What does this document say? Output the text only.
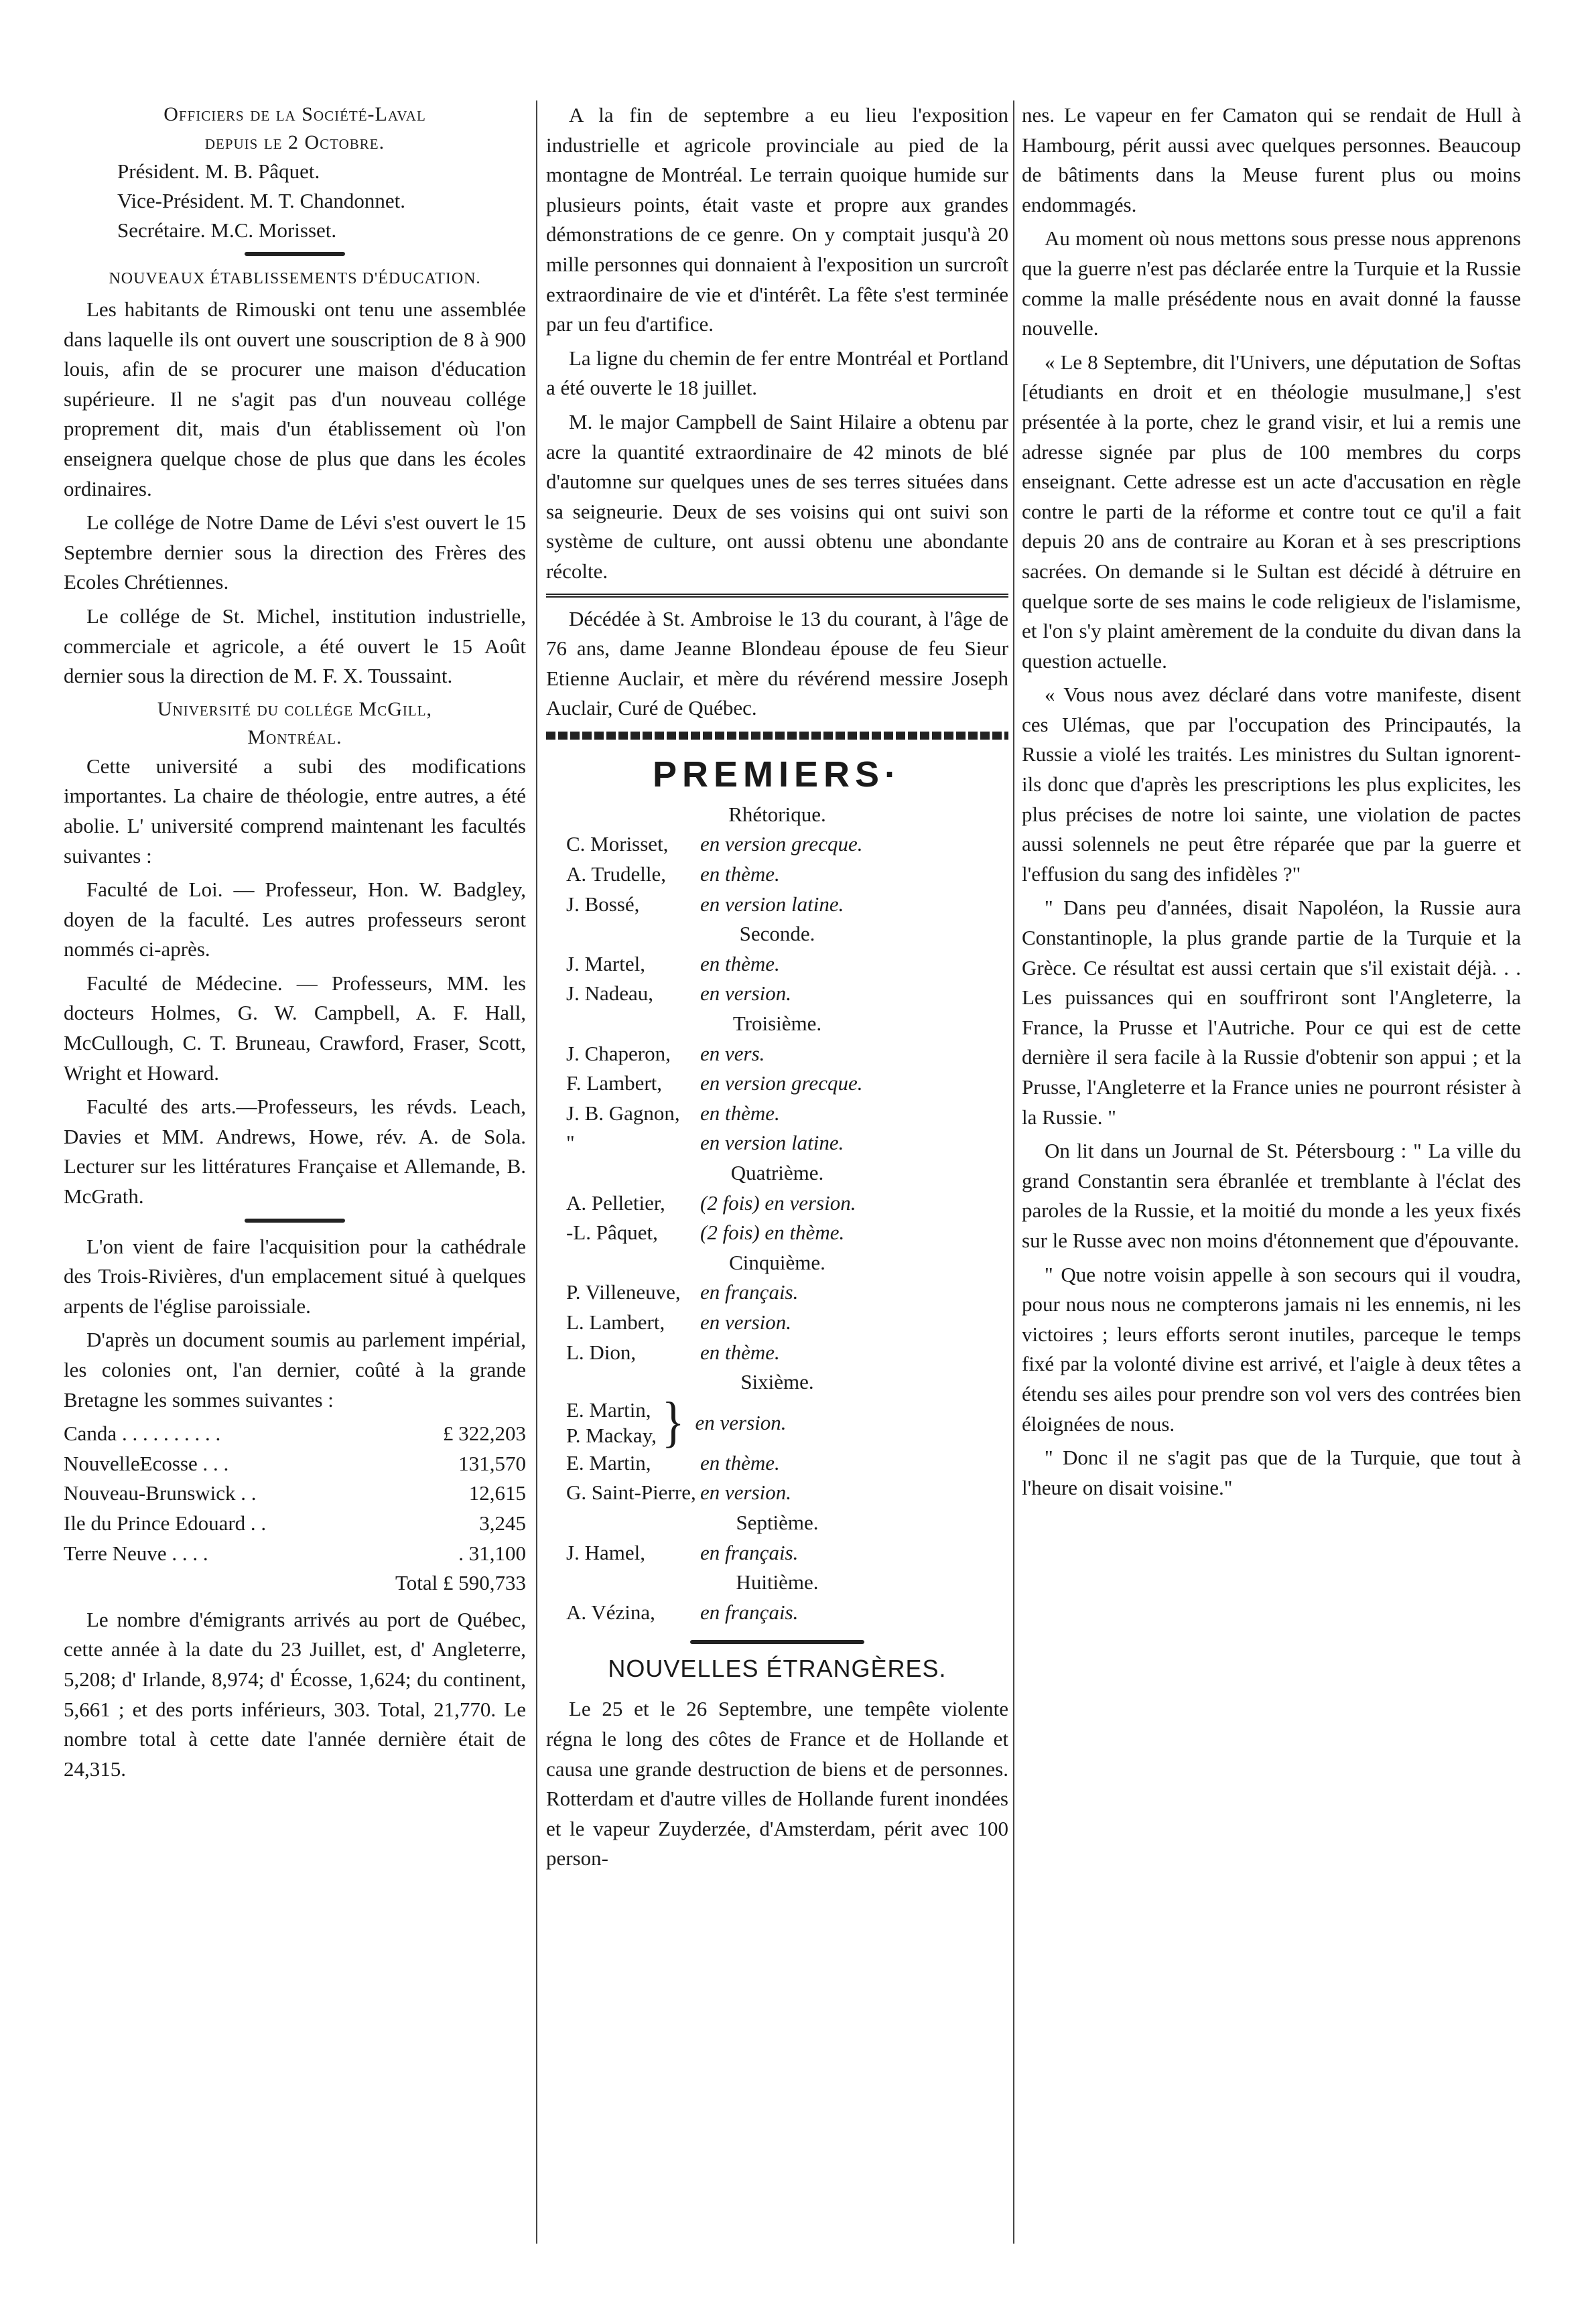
Officiers de la Société-Laval
depuis le 2 Octobre.

Président. M. B. Pâquet.

Vice-Président. M. T. Chandonnet.

Secrétaire. M.C. Morisset.

NOUVEAUX ÉTABLISSEMENTS D'ÉDUCATION.

Les habitants de Rimouski ont tenu une assemblée dans laquelle ils ont ouvert une souscription de 8 à 900 louis, afin de se procurer une maison d'éducation supérieure. Il ne s'agit pas d'un nouveau collége proprement dit, mais d'un établissement où l'on enseignera quelque chose de plus que dans les écoles ordinaires.

Le collége de Notre Dame de Lévi s'est ouvert le 15 Septembre dernier sous la direction des Frères des Ecoles Chrétiennes.

Le collége de St. Michel, institution industrielle, commerciale et agricole, a été ouvert le 15 Août dernier sous la direction de M. F. X. Toussaint.

Université du collége McGill,
Montréal.

Cette université a subi des modifications importantes. La chaire de théologie, entre autres, a été abolie. L' université comprend maintenant les facultés suivantes :

Faculté de Loi. — Professeur, Hon. W. Badgley, doyen de la faculté. Les autres professeurs seront nommés ci-après.

Faculté de Médecine. — Professeurs, MM. les docteurs Holmes, G. W. Campbell, A. F. Hall, McCullough, C. T. Bruneau, Crawford, Fraser, Scott, Wright et Howard.

Faculté des arts.—Professeurs, les révds. Leach, Davies et MM. Andrews, Howe, rév. A. de Sola. Lecturer sur les littératures Française et Allemande, B. McGrath.

L'on vient de faire l'acquisition pour la cathédrale des Trois-Rivières, d'un emplacement situé à quelques arpents de l'église paroissiale.

D'après un document soumis au parlement impérial, les colonies ont, l'an dernier, coûté à la grande Bretagne les sommes suivantes :

Canda . . . . . . . . . .	£ 322,203
NouvelleEcosse . . .	131,570
Nouveau-Brunswick . .	12,615
Ile du Prince Edouard . .	3,245
Terre Neuve . . . .	. 31,100

Total £ 590,733

Le nombre d'émigrants arrivés au port de Québec, cette année à la date du 23 Juillet, est, d' Angleterre, 5,208; d' Irlande, 8,974; d' Écosse, 1,624; du continent, 5,661 ; et des ports inférieurs, 303. Total, 21,770. Le nombre total à cette date l'année dernière était de 24,315.

A la fin de septembre a eu lieu l'exposition industrielle et agricole provinciale au pied de la montagne de Montréal. Le terrain quoique humide sur plusieurs points, était vaste et propre aux grandes démonstrations de ce genre. On y comptait jusqu'à 20 mille personnes qui donnaient à l'exposition un surcroît extraordinaire de vie et d'intérêt. La fête s'est terminée par un feu d'artifice.

La ligne du chemin de fer entre Montréal et Portland a été ouverte le 18 juillet.

M. le major Campbell de Saint Hilaire a obtenu par acre la quantité extraordinaire de 42 minots de blé d'automne sur quelques unes de ses terres situées dans sa seigneurie. Deux de ses voisins qui ont suivi son système de culture, ont aussi obtenu une abondante récolte.

Décédée à St. Ambroise le 13 du courant, à l'âge de 76 ans, dame Jeanne Blondeau épouse de feu Sieur Etienne Auclair, et mère du révérend messire Joseph Auclair, Curé de Québec.

PREMIERS·
Rhétorique.
C. Morisset, en version grecque.
A. Trudelle, en thème.
J. Bossé,	en version latine.
Seconde.
J. Martel,	en thème.
J. Nadeau, en version.
Troisième.
J. Chaperon, en vers.
F. Lambert, en version grecque.
J. B. Gagnon, en thème.
"	en version latine.
Quatrième.
A. Pelletier, (2 fois) en version.
-L. Pâquet, (2 fois) en thème.
Cinquième.
P. Villeneuve, en français.
L. Lambert, en version.
L. Dion,	en thème.
Sixième.
E. Martin,
P. Mackay, } en version.
E. Martin, en thème.
G. Saint-Pierre, en version.
Septième.
J. Hamel,	en français.
Huitième.
A. Vézina, en français.
NOUVELLES ÉTRANGÈRES.

Le 25 et le 26 Septembre, une tempête violente régna le long des côtes de France et de Hollande et causa une grande destruction de biens et de personnes. Rotterdam et d'autre villes de Hollande furent inondées et le vapeur Zuyderzée, d'Amsterdam, périt avec 100 person-

nes. Le vapeur en fer Camaton qui se rendait de Hull à Hambourg, périt aussi avec quelques personnes. Beaucoup de bâtiments dans la Meuse furent plus ou moins endommagés.

Au moment où nous mettons sous presse nous apprenons que la guerre n'est pas déclarée entre la Turquie et la Russie comme la malle présédente nous en avait donné la fausse nouvelle.

« Le 8 Septembre, dit l'Univers, une députation de Softas [étudiants en droit et en théologie musulmane,] s'est présentée à la porte, chez le grand visir, et lui a remis une adresse signée par plus de 100 membres du corps enseignant. Cette adresse est un acte d'accusation en règle contre le parti de la réforme et contre tout ce qu'il a fait depuis 20 ans de contraire au Koran et à ses prescriptions sacrées. On demande si le Sultan est décidé à détruire en quelque sorte de ses mains le code religieux de l'islamisme, et l'on s'y plaint amèrement de la conduite du divan dans la question actuelle.

« Vous nous avez déclaré dans votre manifeste, disent ces Ulémas, que par l'occupation des Principautés, la Russie a violé les traités. Les ministres du Sultan ignorent-ils donc que d'après les prescriptions les plus explicites, les plus précises de notre loi sainte, une violation de pactes aussi solennels ne peut être réparée que par la guerre et l'effusion du sang des infidèles ?"

" Dans peu d'années, disait Napoléon, la Russie aura Constantinople, la plus grande partie de la Turquie et la Grèce. Ce résultat est aussi certain que s'il existait déjà. . . Les puissances qui en souffriront sont l'Angleterre, la France, la Prusse et l'Autriche. Pour ce qui est de cette dernière il sera facile à la Russie d'obtenir son appui ; et la Prusse, l'Angleterre et la France unies ne pourront résister à la Russie. "

On lit dans un Journal de St. Pétersbourg : " La ville du grand Constantin sera ébranlée et tremblante à l'éclat des paroles de la Russie, et la moitié du monde a les yeux fixés sur le Russe avec non moins d'étonnement que d'épouvante.

" Que notre voisin appelle à son secours qui il voudra, pour nous nous ne compterons jamais ni les ennemis, ni les victoires ; leurs efforts seront inutiles, parceque le temps fixé par la volonté divine est arrivé, et l'aigle à deux têtes a étendu ses ailes pour prendre son vol vers des contrées bien éloignées de nous.

" Donc il ne s'agit pas que de la Turquie, que tout à l'heure on disait voisine."
